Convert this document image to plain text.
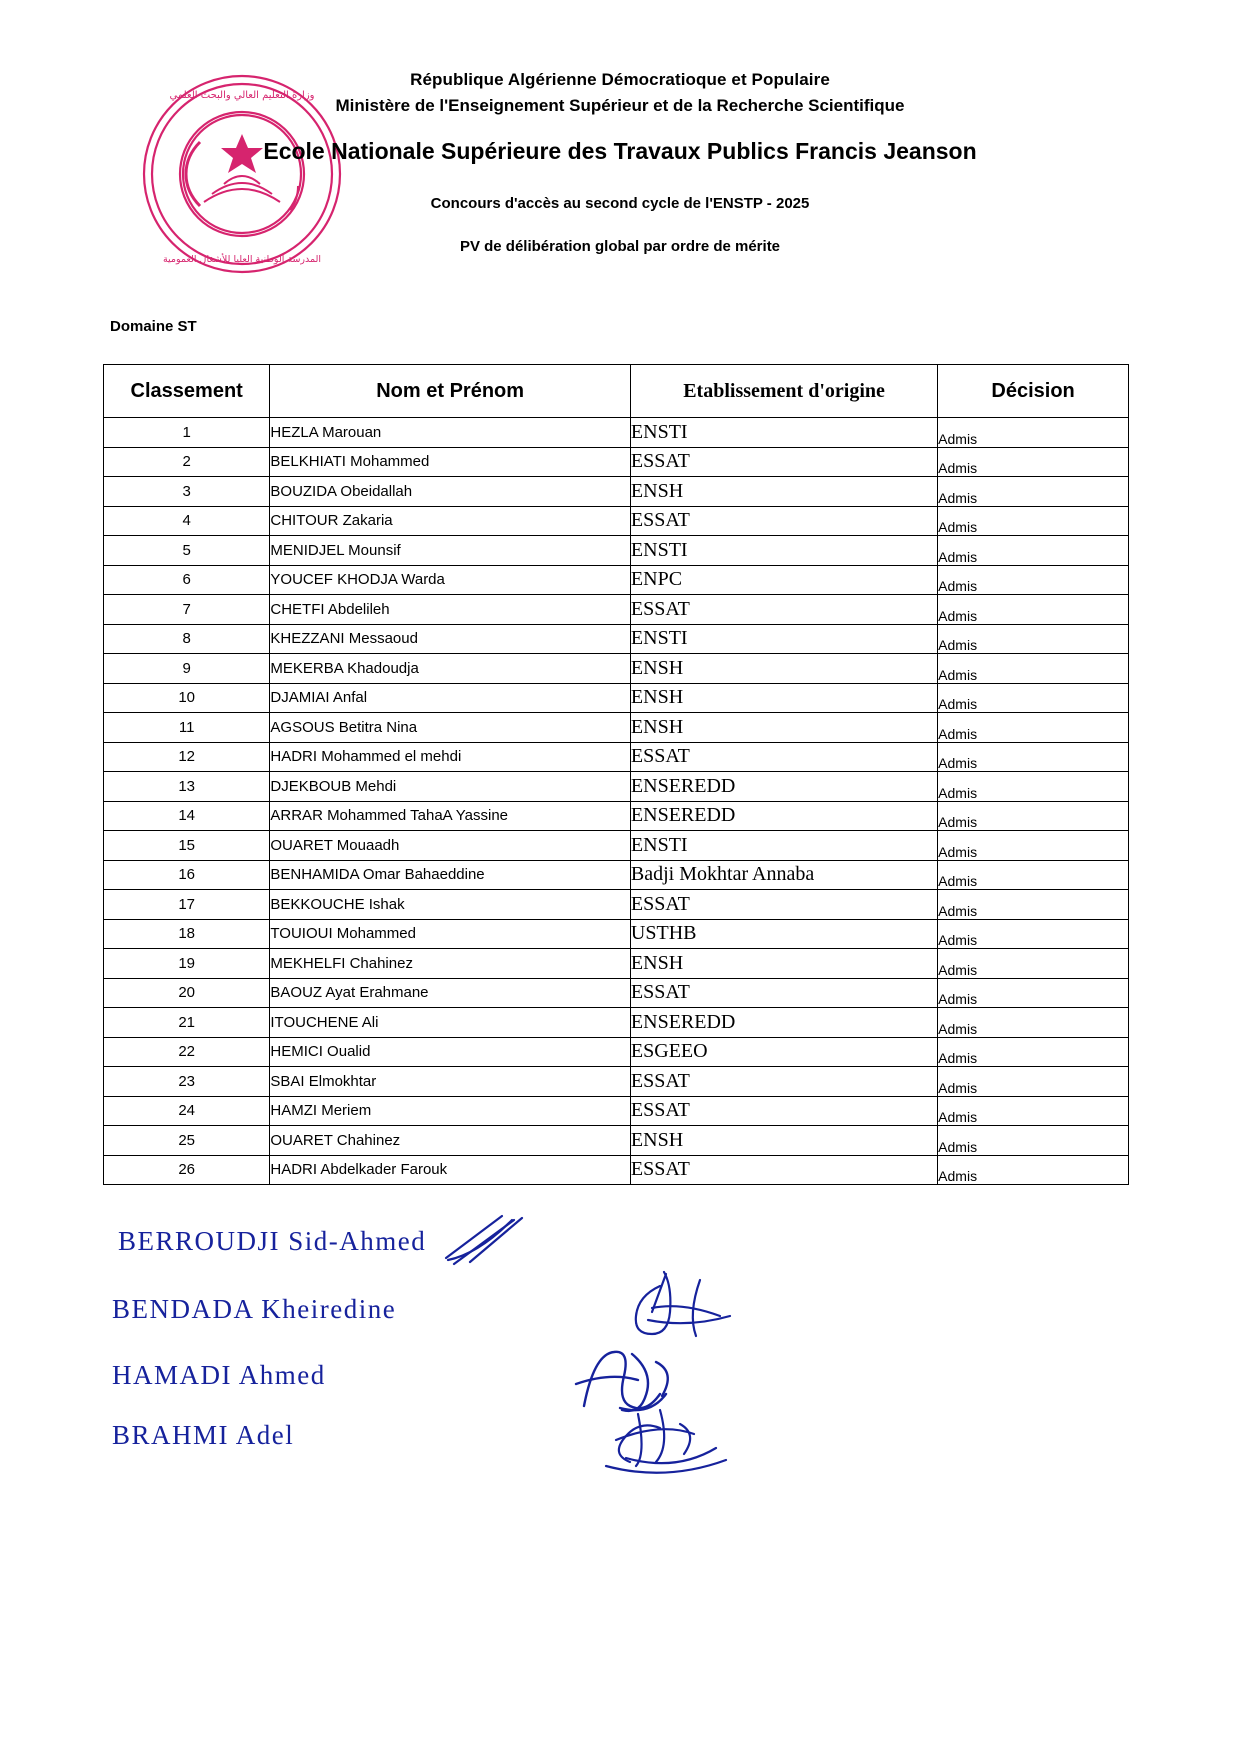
وزارة التعليم العالي والبحث العلمي
المدرسة الوطنية العليا للأشغال العمومية
République Algérienne Démocratioque et Populaire
Ministère de l'Enseignement Supérieur et de la Recherche Scientifique
Ecole Nationale Supérieure des Travaux Publics Francis Jeanson
Concours d'accès au second cycle de l'ENSTP - 2025
PV de délibération global par ordre de mérite
Domaine ST
Classement	Nom et Prénom	Etablissement d'origine	Décision
1	HEZLA Marouan	ENSTI	Admis
2	BELKHIATI Mohammed	ESSAT	Admis
3	BOUZIDA Obeidallah	ENSH	Admis
4	CHITOUR Zakaria	ESSAT	Admis
5	MENIDJEL Mounsif	ENSTI	Admis
6	YOUCEF KHODJA Warda	ENPC	Admis
7	CHETFI Abdelileh	ESSAT	Admis
8	KHEZZANI Messaoud	ENSTI	Admis
9	MEKERBA Khadoudja	ENSH	Admis
10	DJAMIAI Anfal	ENSH	Admis
11	AGSOUS Betitra Nina	ENSH	Admis
12	HADRI Mohammed el mehdi	ESSAT	Admis
13	DJEKBOUB Mehdi	ENSEREDD	Admis
14	ARRAR Mohammed TahaA Yassine	ENSEREDD	Admis
15	OUARET Mouaadh	ENSTI	Admis
16	BENHAMIDA Omar Bahaeddine	Badji Mokhtar Annaba	Admis
17	BEKKOUCHE Ishak	ESSAT	Admis
18	TOUIOUI Mohammed	USTHB	Admis
19	MEKHELFI Chahinez	ENSH	Admis
20	BAOUZ Ayat Erahmane	ESSAT	Admis
21	ITOUCHENE Ali	ENSEREDD	Admis
22	HEMICI Oualid	ESGEEO	Admis
23	SBAI Elmokhtar	ESSAT	Admis
24	HAMZI Meriem	ESSAT	Admis
25	OUARET Chahinez	ENSH	Admis
26	HADRI Abdelkader Farouk	ESSAT	Admis
BERROUDJI Sid-Ahmed
BENDADA Kheiredine
HAMADI Ahmed
BRAHMI Adel
